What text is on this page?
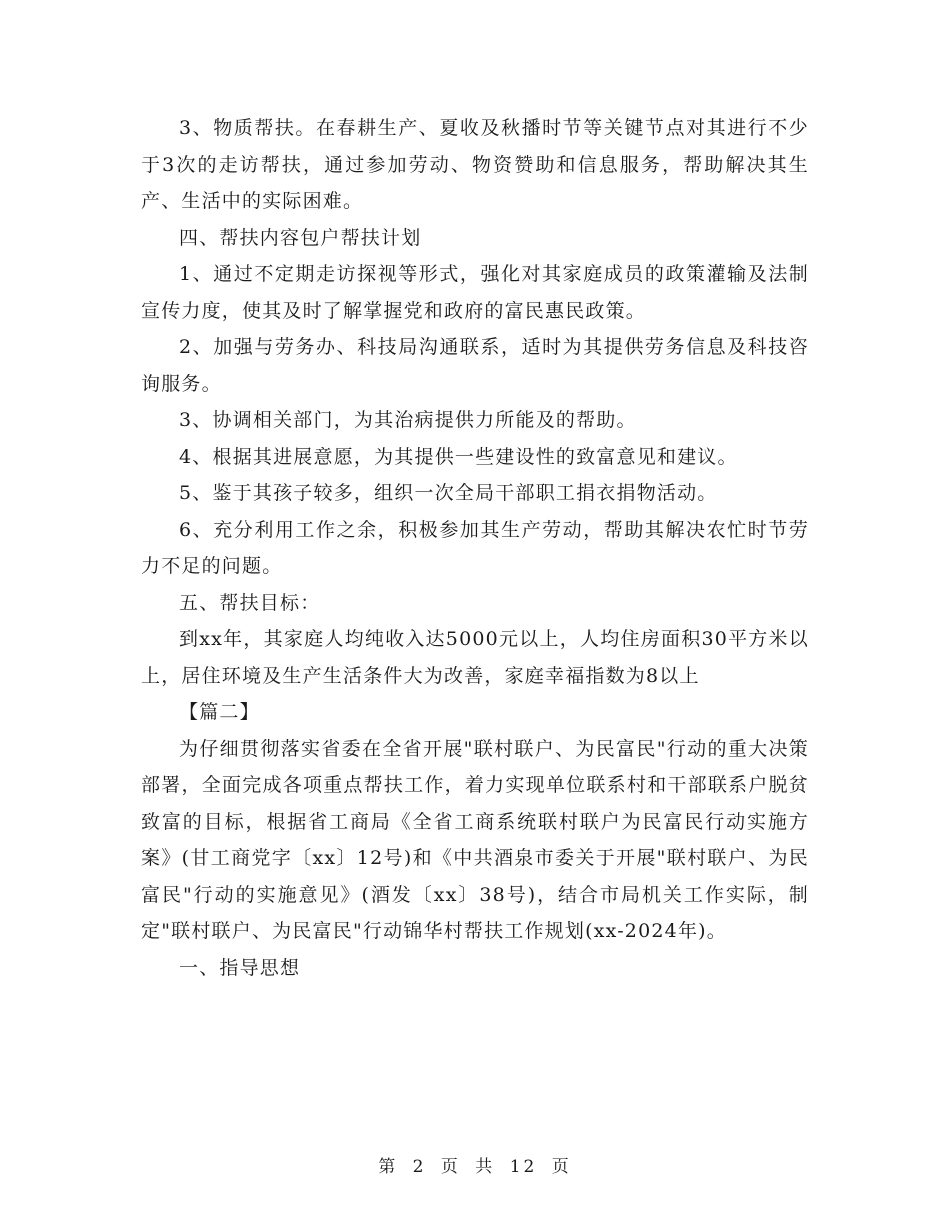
3、物质帮扶。在春耕生产、夏收及秋播时节等关键节点对其进行不少于3次的走访帮扶，通过参加劳动、物资赞助和信息服务，帮助解决其生产、生活中的实际困难。

四、帮扶内容包户帮扶计划

1、通过不定期走访探视等形式，强化对其家庭成员的政策灌输及法制宣传力度，使其及时了解掌握党和政府的富民惠民政策。

2、加强与劳务办、科技局沟通联系，适时为其提供劳务信息及科技咨询服务。

3、协调相关部门，为其治病提供力所能及的帮助。

4、根据其进展意愿，为其提供一些建设性的致富意见和建议。

5、鉴于其孩子较多，组织一次全局干部职工捐衣捐物活动。

6、充分利用工作之余，积极参加其生产劳动，帮助其解决农忙时节劳力不足的问题。

五、帮扶目标：

到xx年，其家庭人均纯收入达5000元以上，人均住房面积30平方米以上，居住环境及生产生活条件大为改善，家庭幸福指数为8以上

【篇二】

为仔细贯彻落实省委在全省开展"联村联户、为民富民"行动的重大决策部署，全面完成各项重点帮扶工作，着力实现单位联系村和干部联系户脱贫致富的目标，根据省工商局《全省工商系统联村联户为民富民行动实施方案》(甘工商党字〔xx〕12号)和《中共酒泉市委关于开展"联村联户、为民富民"行动的实施意见》(酒发〔xx〕38号)，结合市局机关工作实际，制定"联村联户、为民富民"行动锦华村帮扶工作规划(xx-2024年)。

一、指导思想

第 2 页 共 12 页
